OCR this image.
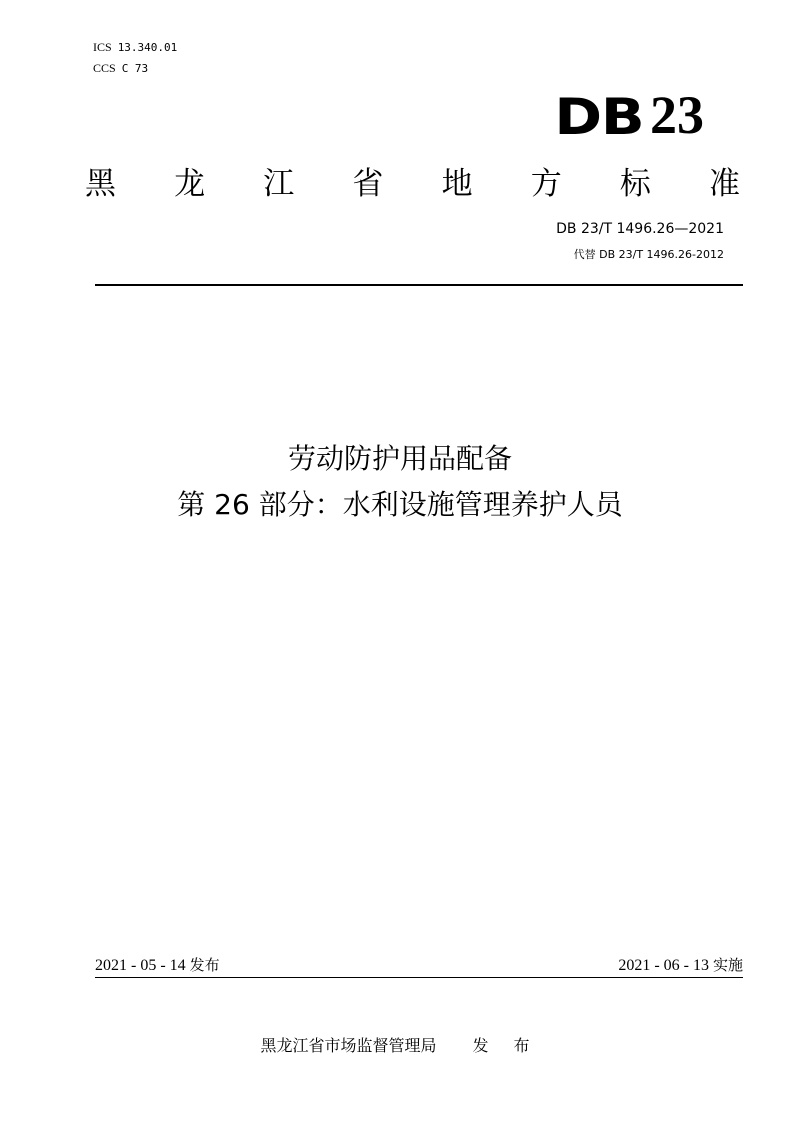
ICS 13.340.01
CCS C 73
DB 23
黑 龙 江 省 地 方 标 准
DB 23/T 1496.26—2021
代替 DB 23/T 1496.26-2012
劳动防护用品配备
第 26 部分：水利设施管理养护人员
2021 - 05 - 14 发布	2021 - 06 - 13 实施
黑龙江省市场监督管理局 发 布
